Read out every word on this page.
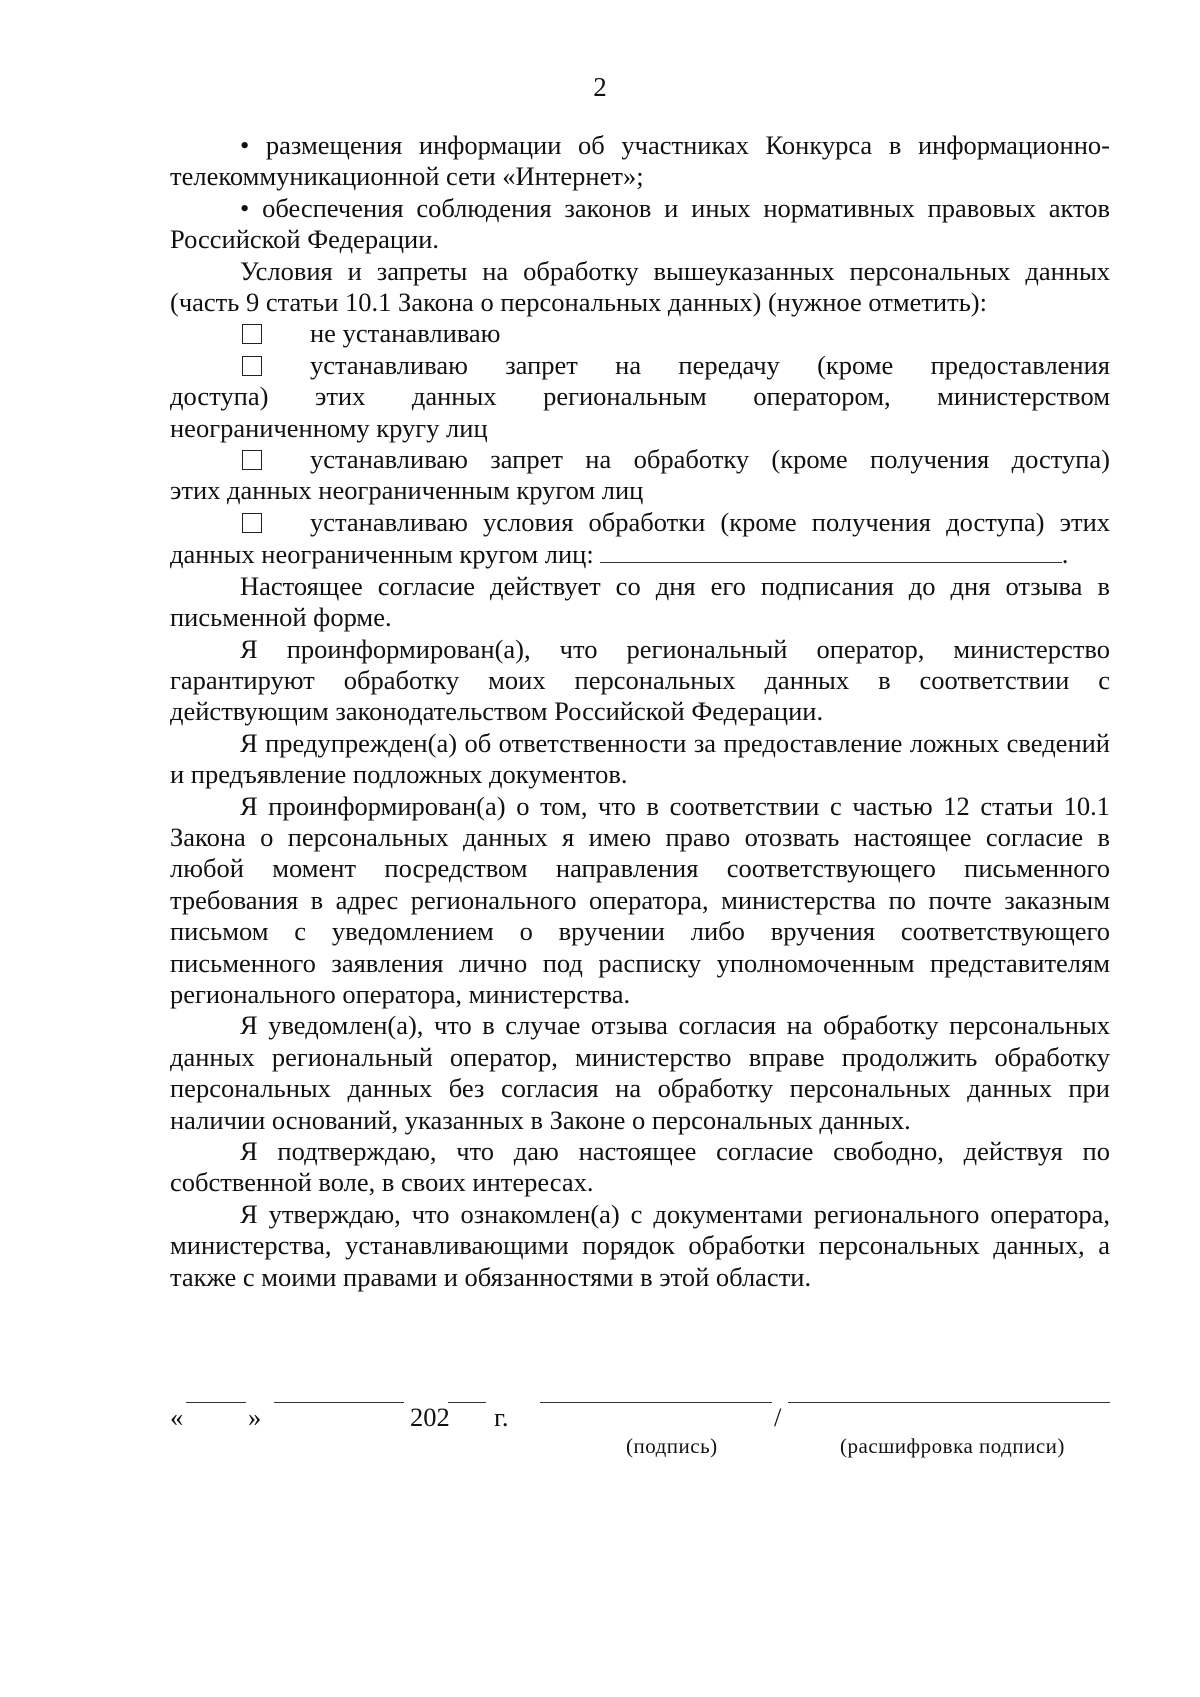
2

• размещения информации об участниках Конкурса в информационно-телекоммуникационной сети «Интернет»;

• обеспечения соблюдения законов и иных нормативных правовых актов Российской Федерации.

Условия и запреты на обработку вышеуказанных персональных данных (часть 9 статьи 10.1 Закона о персональных данных) (нужное отметить):

не устанавливаю
устанавливаю запрет на передачу (кроме предоставления
доступа) этих данных региональным оператором, министерством
неограниченному кругу лиц
устанавливаю запрет на обработку (кроме получения доступа)
этих данных неограниченным кругом лиц
устанавливаю условия обработки (кроме получения доступа) этих
данных неограниченным кругом лиц:	.

Настоящее согласие действует со дня его подписания до дня отзыва в письменной форме.

Я проинформирован(а), что региональный оператор, министерство гарантируют обработку моих персональных данных в соответствии с действующим законодательством Российской Федерации.

Я предупрежден(а) об ответственности за предоставление ложных сведений и предъявление подложных документов.

Я проинформирован(а) о том, что в соответствии с частью 12 статьи 10.1 Закона о персональных данных я имею право отозвать настоящее согласие в любой момент посредством направления соответствующего письменного требования в адрес регионального оператора, министерства по почте заказным письмом с уведомлением о вручении либо вручения соответствующего письменного заявления лично под расписку уполномоченным представителям регионального оператора, министерства.

Я уведомлен(а), что в случае отзыва согласия на обработку персональных данных региональный оператор, министерство вправе продолжить обработку персональных данных без согласия на обработку персональных данных при наличии оснований, указанных в Законе о персональных данных.

Я подтверждаю, что даю настоящее согласие свободно, действуя по собственной воле, в своих интересах.

Я утверждаю, что ознакомлен(а) с документами регионального оператора, министерства, устанавливающими порядок обработки персональных данных, а также с моими правами и обязанностями в этой области.

« »	202 г.	/
(подпись)	(расшифровка подписи)
